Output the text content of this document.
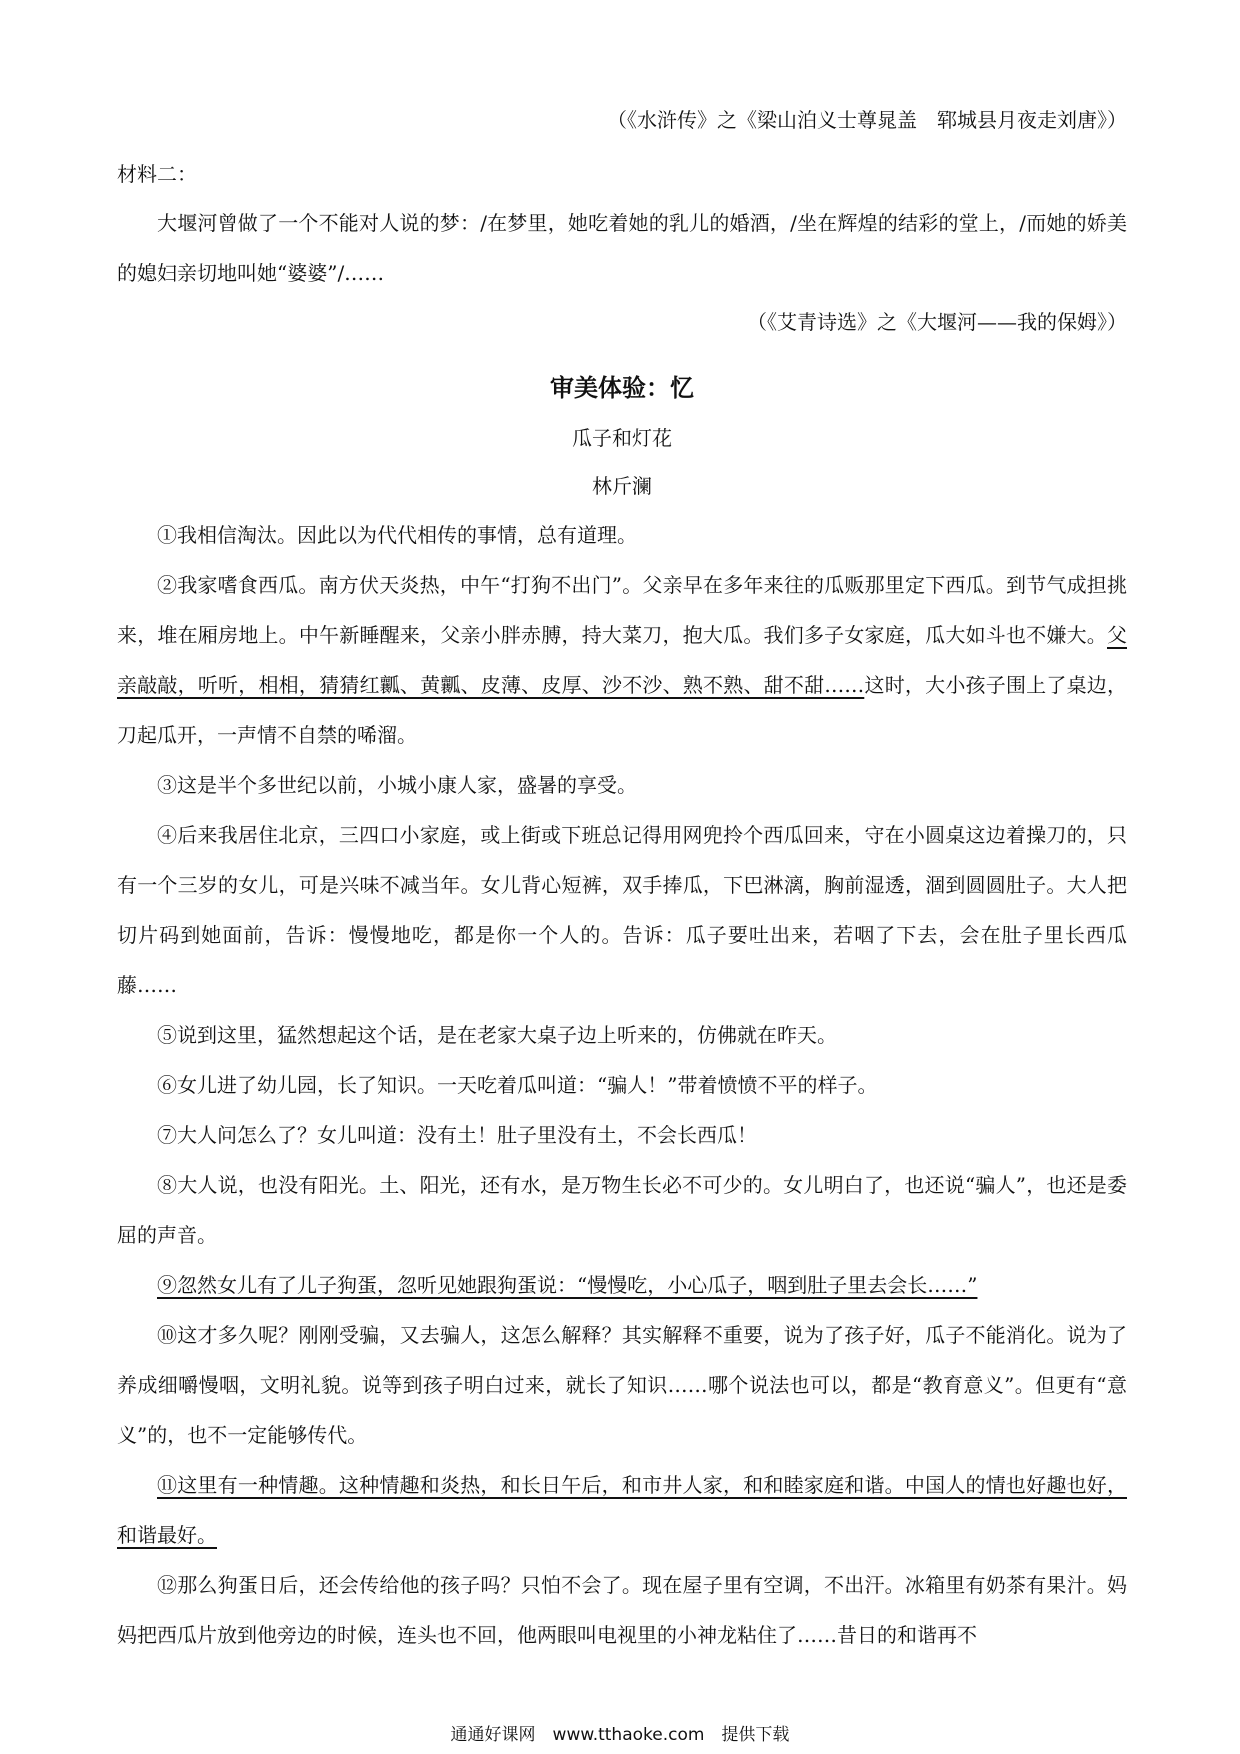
（《水浒传》之《梁山泊义士尊晁盖　郓城县月夜走刘唐》）

材料二：

大堰河曾做了一个不能对人说的梦：/在梦里，她吃着她的乳儿的婚酒，/坐在辉煌的结彩的堂上，/而她的娇美的媳妇亲切地叫她“婆婆”/……

（《艾青诗选》之《大堰河——我的保姆》）

审美体验：忆

瓜子和灯花

林斤澜

①我相信淘汰。因此以为代代相传的事情，总有道理。

②我家嗜食西瓜。南方伏天炎热，中午“打狗不出门”。父亲早在多年来往的瓜贩那里定下西瓜。到节气成担挑来，堆在厢房地上。中午新睡醒来，父亲小胖赤膊，持大菜刀，抱大瓜。我们多子女家庭，瓜大如斗也不嫌大。父亲敲敲，听听，相相，猜猜红瓤、黄瓤、皮薄、皮厚、沙不沙、熟不熟、甜不甜……这时，大小孩子围上了桌边，刀起瓜开，一声情不自禁的唏溜。

③这是半个多世纪以前，小城小康人家，盛暑的享受。

④后来我居住北京，三四口小家庭，或上街或下班总记得用网兜拎个西瓜回来，守在小圆桌这边着操刀的，只有一个三岁的女儿，可是兴味不减当年。女儿背心短裤，双手捧瓜，下巴淋漓，胸前湿透，涸到圆圆肚子。大人把切片码到她面前，告诉：慢慢地吃，都是你一个人的。告诉：瓜子要吐出来，若咽了下去，会在肚子里长西瓜藤……

⑤说到这里，猛然想起这个话，是在老家大桌子边上听来的，仿佛就在昨天。

⑥女儿进了幼儿园，长了知识。一天吃着瓜叫道：“骗人！”带着愤愤不平的样子。

⑦大人问怎么了？女儿叫道：没有土！肚子里没有土，不会长西瓜！

⑧大人说，也没有阳光。土、阳光，还有水，是万物生长必不可少的。女儿明白了，也还说“骗人”，也还是委屈的声音。

⑨忽然女儿有了儿子狗蛋，忽听见她跟狗蛋说：“慢慢吃，小心瓜子，咽到肚子里去会长……”

⑩这才多久呢？刚刚受骗，又去骗人，这怎么解释？其实解释不重要，说为了孩子好，瓜子不能消化。说为了养成细嚼慢咽，文明礼貌。说等到孩子明白过来，就长了知识……哪个说法也可以，都是“教育意义”。但更有“意义”的，也不一定能够传代。

⑪这里有一种情趣。这种情趣和炎热，和长日午后，和市井人家，和和睦家庭和谐。中国人的情也好趣也好，和谐最好。

⑫那么狗蛋日后，还会传给他的孩子吗？只怕不会了。现在屋子里有空调，不出汗。冰箱里有奶茶有果汁。妈妈把西瓜片放到他旁边的时候，连头也不回，他两眼叫电视里的小神龙粘住了……昔日的和谐再不

通通好课网　www.tthaoke.com　提供下载
